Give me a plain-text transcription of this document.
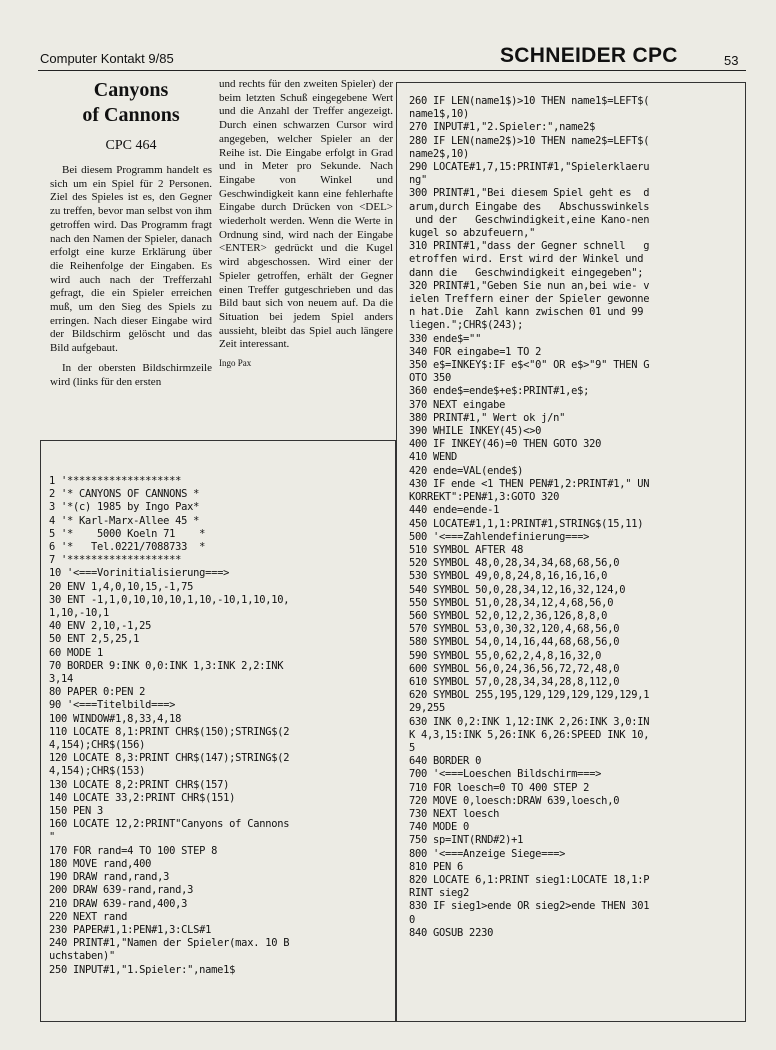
Computer Kontakt 9/85	SCHNEIDER CPC	53
Canyons
of Cannons
CPC 464
Bei diesem Programm handelt es sich um ein Spiel für 2 Personen. Ziel des Spieles ist es, den Gegner zu treffen, bevor man selbst von ihm getroffen wird. Das Programm fragt nach den Namen der Spieler, danach erfolgt eine kurze Erklärung über die Reihenfolge der Eingaben. Es wird auch nach der Trefferzahl gefragt, die ein Spieler erreichen muß, um den Sieg des Spiels zu erringen. Nach dieser Eingabe wird der Bildschirm gelöscht und das Bild aufgebaut.
In der obersten Bildschirmzeile wird (links für den ersten
und rechts für den zweiten Spieler) der beim letzten Schuß eingegebene Wert und die Anzahl der Treffer angezeigt. Durch einen schwarzen Cursor wird angegeben, welcher Spieler an der Reihe ist. Die Eingabe erfolgt in Grad und in Meter pro Sekunde. Nach Eingabe von Winkel und Geschwindigkeit kann eine fehlerhafte Eingabe durch Drücken von <DEL> wiederholt werden. Wenn die Werte in Ordnung sind, wird nach der Eingabe <ENTER> gedrückt und die Kugel wird abgeschossen. Wird einer der Spieler getroffen, erhält der Gegner einen Treffer gutgeschrieben und das Bild baut sich von neuem auf. Da die Situation bei jedem Spiel anders aussieht, bleibt das Spiel auch längere Zeit interessant.
Ingo Pax
1 '*******************
2 '* CANYONS OF CANNONS *
3 '*(c) 1985 by Ingo Pax*
4 '* Karl-Marx-Allee 45 *
5 '*    5000 Koeln 71    *
6 '*   Tel.0221/7088733  *
7 '*******************
10 '<===Vorinitialisierung===>
20 ENV 1,4,0,10,15,-1,75
30 ENT -1,1,0,10,10,10,1,10,-10,1,10,10,
1,10,-10,1
40 ENV 2,10,-1,25
50 ENT 2,5,25,1
60 MODE 1
70 BORDER 9:INK 0,0:INK 1,3:INK 2,2:INK
3,14
80 PAPER 0:PEN 2
90 '<===Titelbild===>
100 WINDOW#1,8,33,4,18
110 LOCATE 8,1:PRINT CHR$(150);STRING$(2
4,154);CHR$(156)
120 LOCATE 8,3:PRINT CHR$(147);STRING$(2
4,154);CHR$(153)
130 LOCATE 8,2:PRINT CHR$(157)
140 LOCATE 33,2:PRINT CHR$(151)
150 PEN 3
160 LOCATE 12,2:PRINT"Canyons of Cannons
"
170 FOR rand=4 TO 100 STEP 8
180 MOVE rand,400
190 DRAW rand,rand,3
200 DRAW 639-rand,rand,3
210 DRAW 639-rand,400,3
220 NEXT rand
230 PAPER#1,1:PEN#1,3:CLS#1
240 PRINT#1,"Namen der Spieler(max. 10 B
uchstaben)"
250 INPUT#1,"1.Spieler:",name1$
260 IF LEN(name1$)>10 THEN name1$=LEFT$(
name1$,10)
270 INPUT#1,"2.Spieler:",name2$
280 IF LEN(name2$)>10 THEN name2$=LEFT$(
name2$,10)
290 LOCATE#1,7,15:PRINT#1,"Spielerklaeru
ng"
300 PRINT#1,"Bei diesem Spiel geht es  d
arum,durch Eingabe des   Abschusswinkels
und der   Geschwindigkeit,eine Kano-nen
kugel so abzufeuern,"
310 PRINT#1,"dass der Gegner schnell   g
etroffen wird. Erst wird der Winkel und
dann die   Geschwindigkeit eingegeben";
320 PRINT#1,"Geben Sie nun an,bei wie- v
ielen Treffern einer der Spieler gewonne
n hat.Die  Zahl kann zwischen 01 und 99
liegen.";CHR$(243);
330 ende$=""
340 FOR eingabe=1 TO 2
350 e$=INKEY$:IF e$<"0" OR e$>"9" THEN G
OTO 350
360 ende$=ende$+e$:PRINT#1,e$;
370 NEXT eingabe
380 PRINT#1," Wert ok j/n"
390 WHILE INKEY(45)<>0
400 IF INKEY(46)=0 THEN GOTO 320
410 WEND
420 ende=VAL(ende$)
430 IF ende <1 THEN PEN#1,2:PRINT#1," UN
KORREKT":PEN#1,3:GOTO 320
440 ende=ende-1
450 LOCATE#1,1,1:PRINT#1,STRING$(15,11)
500 '<===Zahlendefinierung===>
510 SYMBOL AFTER 48
520 SYMBOL 48,0,28,34,34,68,68,56,0
530 SYMBOL 49,0,8,24,8,16,16,16,0
540 SYMBOL 50,0,28,34,12,16,32,124,0
550 SYMBOL 51,0,28,34,12,4,68,56,0
560 SYMBOL 52,0,12,2,36,126,8,8,0
570 SYMBOL 53,0,30,32,120,4,68,56,0
580 SYMBOL 54,0,14,16,44,68,68,56,0
590 SYMBOL 55,0,62,2,4,8,16,32,0
600 SYMBOL 56,0,24,36,56,72,72,48,0
610 SYMBOL 57,0,28,34,34,28,8,112,0
620 SYMBOL 255,195,129,129,129,129,129,1
29,255
630 INK 0,2:INK 1,12:INK 2,26:INK 3,0:IN
K 4,3,15:INK 5,26:INK 6,26:SPEED INK 10,
5
640 BORDER 0
700 '<===Loeschen Bildschirm===>
710 FOR loesch=0 TO 400 STEP 2
720 MOVE 0,loesch:DRAW 639,loesch,0
730 NEXT loesch
740 MODE 0
750 sp=INT(RND#2)+1
800 '<===Anzeige Siege===>
810 PEN 6
820 LOCATE 6,1:PRINT sieg1:LOCATE 18,1:P
RINT sieg2
830 IF sieg1>ende OR sieg2>ende THEN 301
0
840 GOSUB 2230
